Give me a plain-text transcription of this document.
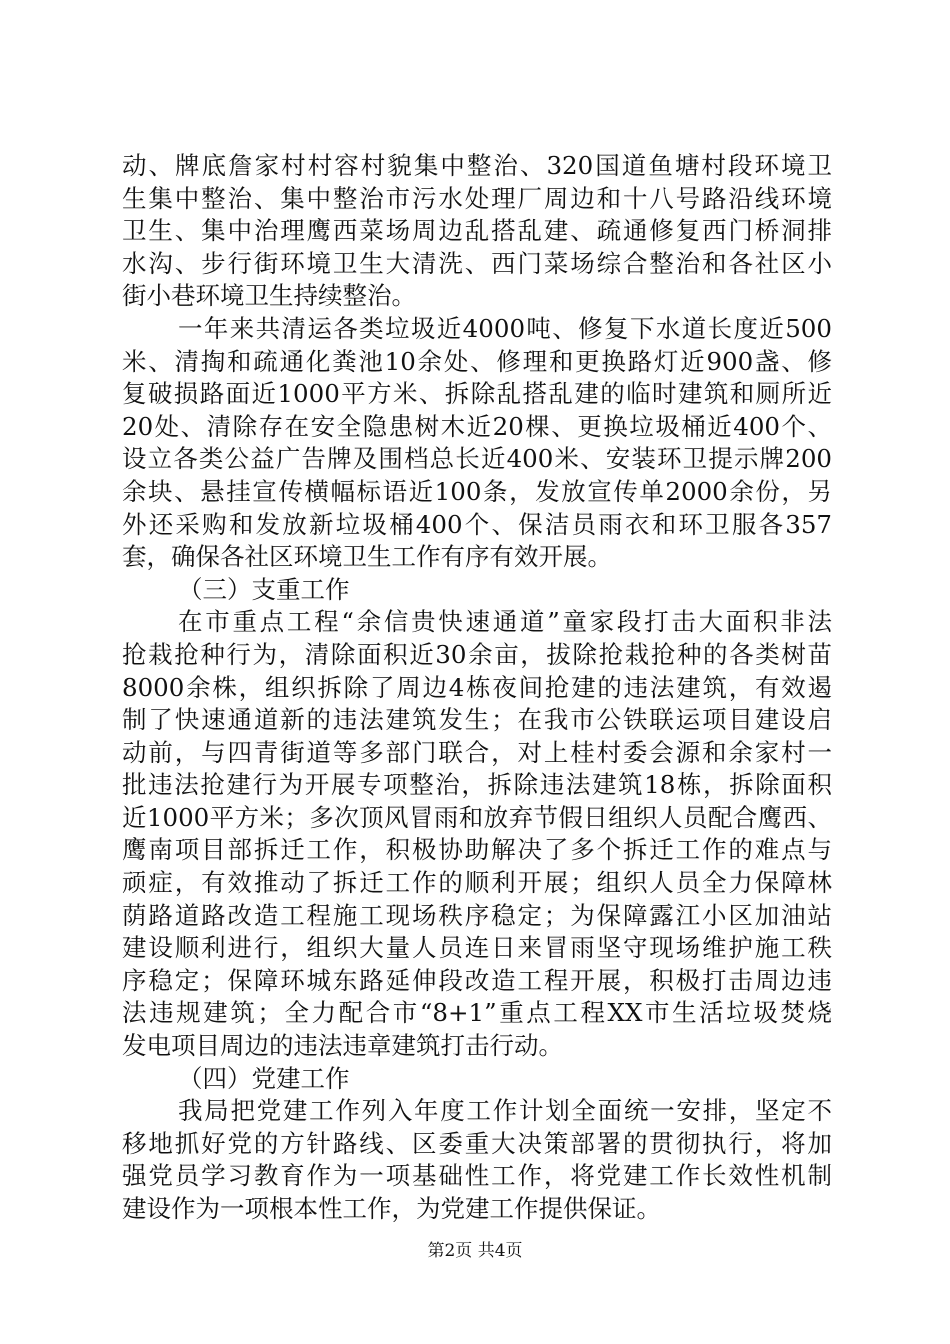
动、牌底詹家村村容村貌集中整治、320国道鱼塘村段环境卫

生集中整治、集中整治市污水处理厂周边和十八号路沿线环境

卫生、集中治理鹰西菜场周边乱搭乱建、疏通修复西门桥洞排

水沟、步行街环境卫生大清洗、西门菜场综合整治和各社区小

街小巷环境卫生持续整治。

一年来共清运各类垃圾近4000吨、修复下水道长度近500

米、清掏和疏通化粪池10余处、修理和更换路灯近900盏、修

复破损路面近1000平方米、拆除乱搭乱建的临时建筑和厕所近

20处、清除存在安全隐患树木近20棵、更换垃圾桶近400个、

设立各类公益广告牌及围档总长近400米、安装环卫提示牌200

余块、悬挂宣传横幅标语近100条，发放宣传单2000余份，另

外还采购和发放新垃圾桶400个、保洁员雨衣和环卫服各357

套，确保各社区环境卫生工作有序有效开展。

（三）支重工作

在市重点工程“余信贵快速通道”童家段打击大面积非法

抢栽抢种行为，清除面积近30余亩，拔除抢栽抢种的各类树苗

8000余株，组织拆除了周边4栋夜间抢建的违法建筑，有效遏

制了快速通道新的违法建筑发生；在我市公铁联运项目建设启

动前，与四青街道等多部门联合，对上桂村委会源和余家村一

批违法抢建行为开展专项整治，拆除违法建筑18栋，拆除面积

近1000平方米；多次顶风冒雨和放弃节假日组织人员配合鹰西、

鹰南项目部拆迁工作，积极协助解决了多个拆迁工作的难点与

顽症，有效推动了拆迁工作的顺利开展；组织人员全力保障林

荫路道路改造工程施工现场秩序稳定；为保障露江小区加油站

建设顺利进行，组织大量人员连日来冒雨坚守现场维护施工秩

序稳定；保障环城东路延伸段改造工程开展，积极打击周边违

法违规建筑；全力配合市“8+1”重点工程XX市生活垃圾焚烧

发电项目周边的违法违章建筑打击行动。

（四）党建工作

我局把党建工作列入年度工作计划全面统一安排，坚定不

移地抓好党的方针路线、区委重大决策部署的贯彻执行，将加

强党员学习教育作为一项基础性工作，将党建工作长效性机制

建设作为一项根本性工作，为党建工作提供保证。

第2页 共4页
